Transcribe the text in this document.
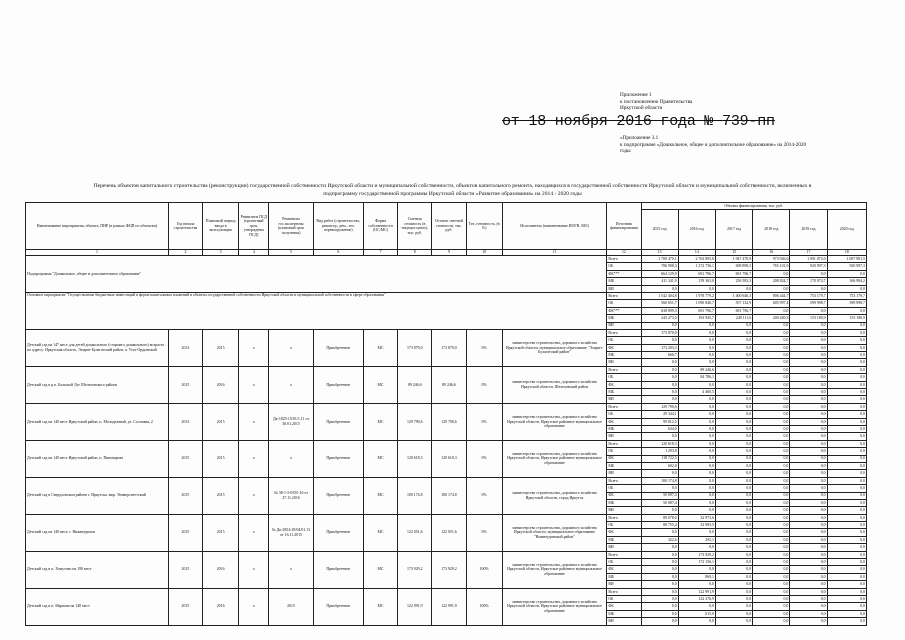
Приложение 1
к постановлению Правительства
Иркутской области
от 18 ноября 2016 года № 739-пп
«Приложение 3.1
к подпрограмме «Дошкольное, общее и дополнительное образование» на 2014-2020
годы
Перечень объектов капитального строительства (реконструкции) государственной собственности Иркутской области и муниципальной собственности, объектов капитального ремонта, находящихся в государственной собственности Иркутской области и муниципальной собственности, включенных в
подпрограмму государственной программы Иркутской области «Развитие образования» на 2014 - 2020 годы
Наименование мероприятия, объекта, ПИР (в рамках ФЦП по объектам)	Год начала строительства	Плановый период ввода в эксплуатацию	Реквизиты ПСД (проектный срок, утверждены ПСД)	Реквизиты гос.экспертизы (плановый срок получения)	Вид работ (строительство, реконстр., рем., тех. перевооружение)	Форма собственности (ОС/МС)	Сметная стоимость (в текущих ценах), тыс. руб.	Остаток сметной стоимости, тыс. руб.	Тех. готовность, (в %)	Исполнитель (наименование ИОГВ, МО)	Источник финансирования	Объемы финансирования, тыс. руб.					
												2015 год	2016 год	2017 год	2018 год	2019 год	2020 год
1	2	3	4	5	6	7	8	9	10	11	12	13	14	15	16	17	18
Подпрограмма "Дошкольное, общее и дополнительное образование"											Всего	1 709 470,1	2 763 895,8	1 947 470,9	973 926,6	1 091 072,0	1 087 981,5
											ОБ	786 908,3	1 272 736,1	698 898,5	765 101,9	920 997,3	920 997,3
											ФБ***	664 129,9	691 796,7	691 796,7	0,0	0,0	0,0
											МБ	411 341,9	159 363,0	256 583,3	208 824,7	170 074,7	166 984,2
											ВИ	0,0	0,0	0,0	0,0	0,0	0,0
Основное мероприятие "Осуществление бюджетных инвестиций в форме капитальных вложений в объекты государственной собственности Иркутской области и муниципальной собственности в сфере образования"											Всего	1 542 404,8	1 978 779,2	1 400 646,3	806 444,7	753 179,7	753 179,7
											ОБ	560 651,7	1 090 840,7	557 132,9	605 997,4	599 998,7	599 998,7
											ФБ***	638 899,3	691 796,7	691 796,7	0,0	0,0	0,0
											МБ	245 273,0	193 945,7	249 111,6	200 449,3	153 180,9	153 180,9
											ВИ	0,0	0,0	0,0	0,0	0,0	0,0
Детский сад на 147 мест для детей дошкольного (старшего дошкольного) возраста по адресу: Иркутская область, Эхирит-Булагатский район, п. Усть-Ордынский	2013	2015	х	х	Приобретение	МС	173 870,0	173 870,0	0%	министерство строительства, дорожного хозяйства Иркутской области, муниципальное образование "Эхирит-Булагатский район"	Всего	173 870,0	0,0	0,0	0,0	0,0	0,0
											ОБ	0,0	0,0	0,0	0,0	0,0	0,0
											ФБ	173 203,3	0,0	0,0	0,0	0,0	0,0
											МБ	666,7	0,0	0,0	0,0	0,0	0,0
											ВИ	0,0	0,0	0,0	0,0	0,0	0,0
Детский сад в р.п. Большой Луг Шелеховского района	2015	2016	х	х	Приобретение	МС	89 246,6	89 246,6	0%	министерство строительства, дорожного хозяйства Иркутской области, Шелеховский район	Всего	0,0	89 246,6	0,0	0,0	0,0	0,0
											ОБ	0,0	84 786,1	0,0	0,0	0,0	0,0
											ФБ	0,0	0,0	0,0	0,0	0,0	0,0
											МБ	0,0	4 460,5	0,0	0,0	0,0	0,0
											ВИ	0,0	0,0	0,0	0,0	0,0	0,0
Детский сад на 140 мест Иркутский район, п. Молодежный, ул. Сосновая, 2	2013	2015	х	Дк-1825-15/01/1.11 от 30.01.2015	Приобретение	МС	129 790,6	129 790,6	0%	министерство строительства, дорожного хозяйства Иркутской области, Иркутское районное муниципальное образование	Всего	129 790,6	0,0	0,0	0,0	0,0	0,0
											ОБ	29 344,1	0,0	0,0	0,0	0,0	0,0
											ФБ	99 812,5	0,0	0,0	0,0	0,0	0,0
											МБ	634,0	0,0	0,0	0,0	0,0	0,0
											ВИ	0,0	0,0	0,0	0,0	0,0	0,0
Детский сад на 140 мест Иркутский район, п. Пивоварова	2015	2015	х	х	Приобретение	МС	120 618,3	120 618,3	0%	министерство строительства, дорожного хозяйства Иркутской области, Иркутское районное муниципальное образование	Всего	120 618,3	0,0	0,0	0,0	0,0	0,0
											ОБ	1 293,8	0,0	0,0	0,0	0,0	0,0
											ФБ	118 722,5	0,0	0,0	0,0	0,0	0,0
											МБ	602,0	0,0	0,0	0,0	0,0	0,0
											ВИ	0,0	0,0	0,0	0,0	0,0	0,0
Детский сад в Свердловском районе г. Иркутска, мкр. Университетский	2015	2015	х	№ 38-1-5-0355-16 от 27.11.2016	Приобретение	МС	100 174,8	100 174,8	0%	министерство строительства, дорожного хозяйства Иркутской области, город Иркутск	Всего	100 174,8	0,0	0,0	0,0	0,0	0,0
											ОБ	0,0	0,0	0,0	0,0	0,0	0,0
											ФБ	50 097,4	0,0	0,0	0,0	0,0	0,0
											МБ	50 087,4	0,0	0,0	0,0	0,0	0,0
											ВИ	0,0	0,0	0,0	0,0	0,0	0,0
Детский сад на 140 мест, г. Нижнеудинск	2015	2015	х	№ Дк-2854-29/04/01.13 от 16.11.2015	Приобретение	МС	122 051,6	122 051,6	0%	министерство строительства, дорожного хозяйства Иркутской области, муниципальное образование "Нижнеудинский район"	Всего	89 078,0	32 973,6	0,0	0,0	0,0	0,0
											ОБ	88 755,4	32 983,5	0,0	0,0	0,0	0,0
											ФБ	0,0	0,0	0,0	0,0	0,0	0,0
											МБ	322,6	292,1	0,0	0,0	0,0	0,0
											ВИ	0,0	0,0	0,0	0,0	0,0	0,0
Детский сад в п. Хомутово на 190 мест	2015	2016	х	х	Приобретение	МС	173 929,2	173 929,2	100%	министерство строительства, дорожного хозяйства Иркутской области, Иркутское районное муниципальное образование	Всего	0,0	173 929,2	0,0	0,0	0,0	0,0
											ОБ	0,0	172 156,1	0,0	0,0	0,0	0,0
											ФБ	0,0	0,0	0,0	0,0	0,0	0,0
											МБ	0,0	869,1	0,0	0,0	0,0	0,0
											ВИ	0,0	0,0	0,0	0,0	0,0	0,0
Детский сад в п. Маркова на 140 мест	2015	2016	х	2015	Приобретение	МС	122 991,9	122 991,9	100%	министерство строительства, дорожного хозяйства Иркутской области, Иркутское районное муниципальное образование	Всего	0,0	122 991,9	0,0	0,0	0,0	0,0
											ОБ	0,0	122 376,9	0,0	0,0	0,0	0,0
											ФБ	0,0	0,0	0,0	0,0	0,0	0,0
											МБ	0,0	615,0	0,0	0,0	0,0	0,0
											ВИ	0,0	0,0	0,0	0,0	0,0	0,0
